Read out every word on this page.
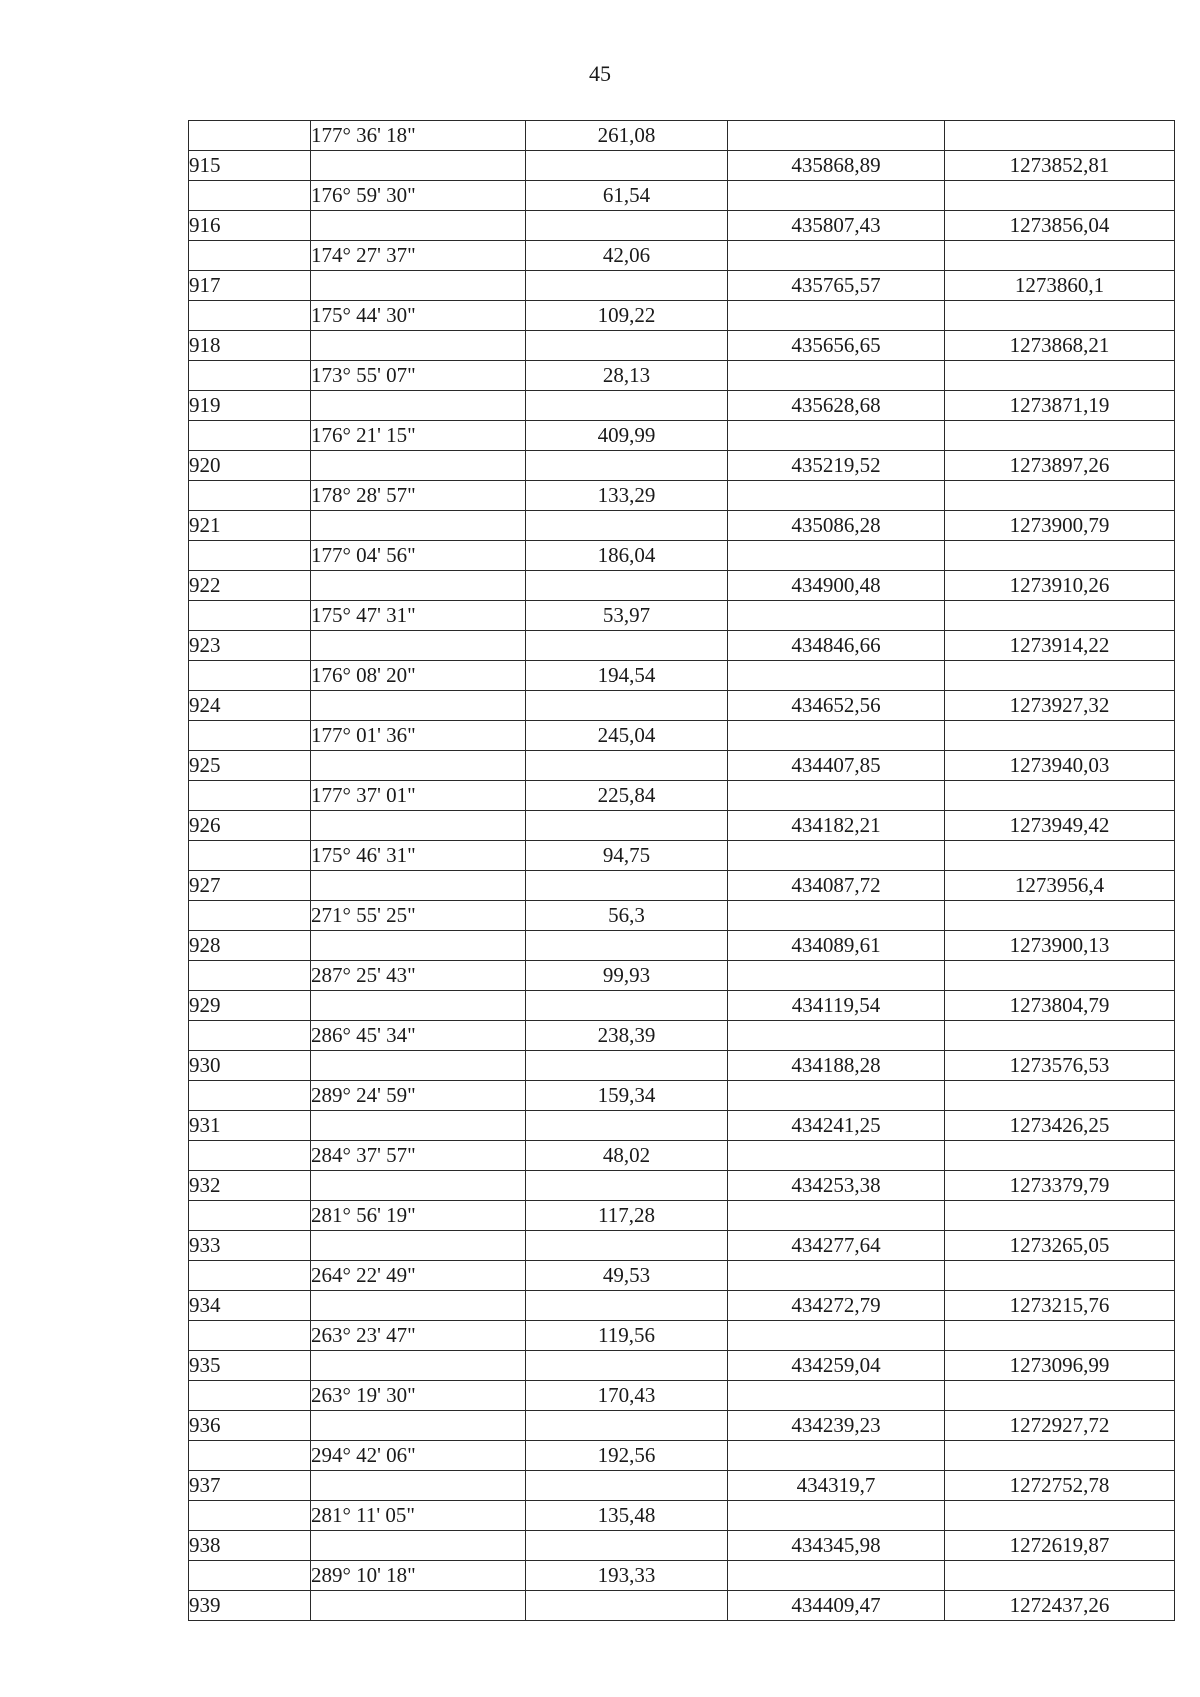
45
	177° 36' 18"	261,08		
915			435868,89	1273852,81
	176° 59' 30"	61,54		
916			435807,43	1273856,04
	174° 27' 37"	42,06		
917			435765,57	1273860,1
	175° 44' 30"	109,22		
918			435656,65	1273868,21
	173° 55' 07"	28,13		
919			435628,68	1273871,19
	176° 21' 15"	409,99		
920			435219,52	1273897,26
	178° 28' 57"	133,29		
921			435086,28	1273900,79
	177° 04' 56"	186,04		
922			434900,48	1273910,26
	175° 47' 31"	53,97		
923			434846,66	1273914,22
	176° 08' 20"	194,54		
924			434652,56	1273927,32
	177° 01' 36"	245,04		
925			434407,85	1273940,03
	177° 37' 01"	225,84		
926			434182,21	1273949,42
	175° 46' 31"	94,75		
927			434087,72	1273956,4
	271° 55' 25"	56,3		
928			434089,61	1273900,13
	287° 25' 43"	99,93		
929			434119,54	1273804,79
	286° 45' 34"	238,39		
930			434188,28	1273576,53
	289° 24' 59"	159,34		
931			434241,25	1273426,25
	284° 37' 57"	48,02		
932			434253,38	1273379,79
	281° 56' 19"	117,28		
933			434277,64	1273265,05
	264° 22' 49"	49,53		
934			434272,79	1273215,76
	263° 23' 47"	119,56		
935			434259,04	1273096,99
	263° 19' 30"	170,43		
936			434239,23	1272927,72
	294° 42' 06"	192,56		
937			434319,7	1272752,78
	281° 11' 05"	135,48		
938			434345,98	1272619,87
	289° 10' 18"	193,33		
939			434409,47	1272437,26
